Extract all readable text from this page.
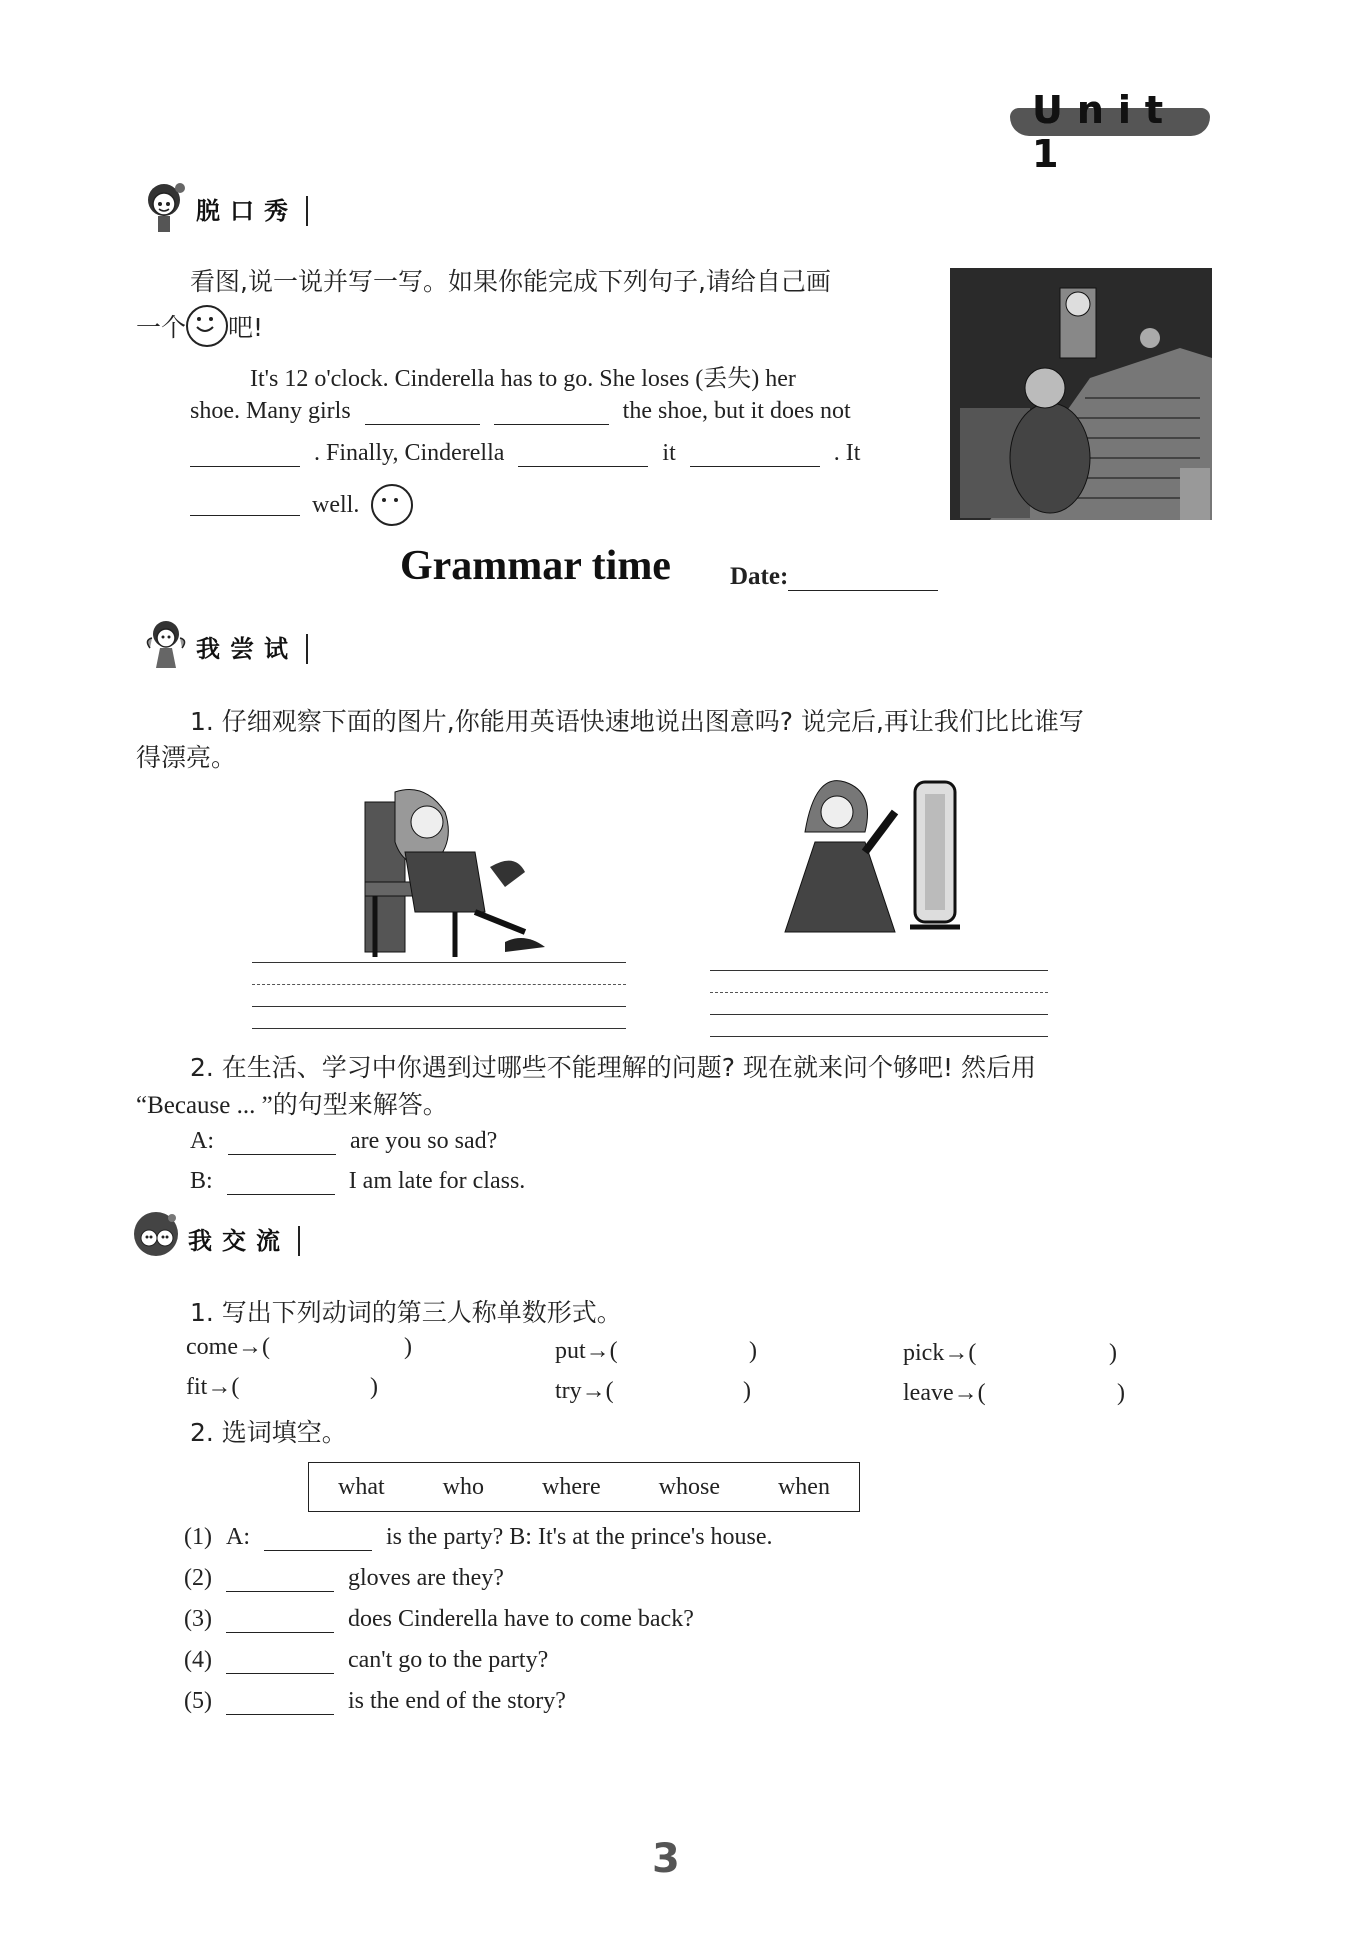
Unit 1
脱口秀
看图,说一说并写一写。如果你能完成下列句子,请给自己画
一个 吧!
It's 12 o'clock. Cinderella has to go. She loses (丢失) her
shoe. Many girls	the shoe, but it does not
. Finally, Cinderella	it	. It
well.
Grammar time Date:
我尝试
1. 仔细观察下面的图片,你能用英语快速地说出图意吗? 说完后,再让我们比比谁写
得漂亮。
2. 在生活、学习中你遇到过哪些不能理解的问题? 现在就来问个够吧! 然后用
“Because ... ”的句型来解答。
A:	are you so sad?
B:	I am late for class.
我交流
1. 写出下列动词的第三人称单数形式。
come→(	)	put→(	)	pick→(	)
fit→(	)	try→(	)	leave→(	)
2. 选词填空。
what who where whose when
(1) A:	is the party? B: It's at the prince's house.
(2)	gloves are they?
(3)	does Cinderella have to come back?
(4)	can't go to the party?
(5)	is the end of the story?
3
